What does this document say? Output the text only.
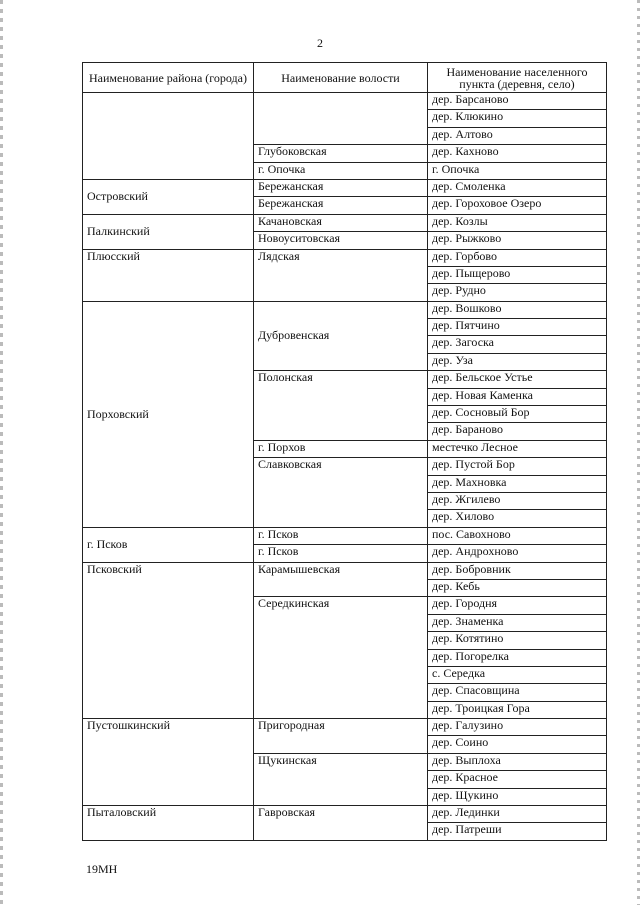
2
Наименование района (города)	Наименование волости	Наименование населенного пункта (деревня, село)
		дер. Барсаново
		дер. Клюкино
		дер. Алтово
	Глубоковская	дер. Кахново
	г. Опочка	г. Опочка
Островский	Бережанская	дер. Смоленка
	Бережанская	дер. Гороховое Озеро
Палкинский	Качановская	дер. Козлы
	Новоуситовская	дер. Рыжково
Плюсский	Лядская	дер. Горбово
		дер. Пыщерово
		дер. Рудно
Порховский	Дубровенская	дер. Вошково
		дер. Пятчино
		дер. Загоска
		дер. Уза
	Полонская	дер. Бельское Устье
		дер. Новая Каменка
		дер. Сосновый Бор
		дер. Бараново
	г. Порхов	местечко Лесное
	Славковская	дер. Пустой Бор
		дер. Махновка
		дер. Жгилево
		дер. Хилово
г. Псков	г. Псков	пос. Савохново
	г. Псков	дер. Андрохново
Псковский	Карамышевская	дер. Бобровник
		дер. Кебь
	Середкинская	дер. Городня
		дер. Знаменка
		дер. Котятино
		дер. Погорелка
		с. Середка
		дер. Спасовщина
		дер. Троицкая Гора
Пустошкинский	Пригородная	дер. Галузино
		дер. Соино
	Щукинская	дер. Выплоха
		дер. Красное
		дер. Щукино
Пыталовский	Гавровская	дер. Лединки
		дер. Патреши
19МН
